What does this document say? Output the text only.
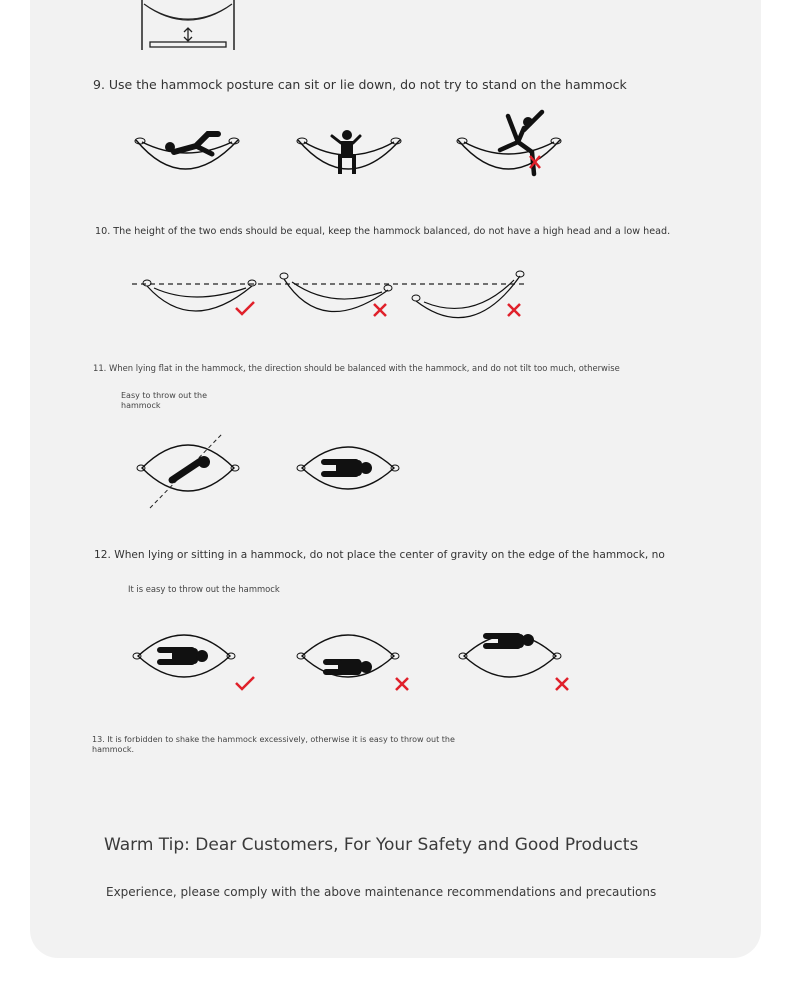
9. Use the hammock posture can sit or lie down, do not try to stand on the hammock
10. The height of the two ends should be equal, keep the hammock balanced, do not have a high head and a low head.
11. When lying flat in the hammock, the direction should be balanced with the hammock, and do not tilt too much, otherwise
Easy to throw out the hammock
12. When lying or sitting in a hammock, do not place the center of gravity on the edge of the hammock, no
It is easy to throw out the hammock
13. It is forbidden to shake the hammock excessively, otherwise it is easy to throw out the hammock.
Warm Tip: Dear Customers, For Your Safety and Good Products
Experience, please comply with the above maintenance recommendations and precautions
